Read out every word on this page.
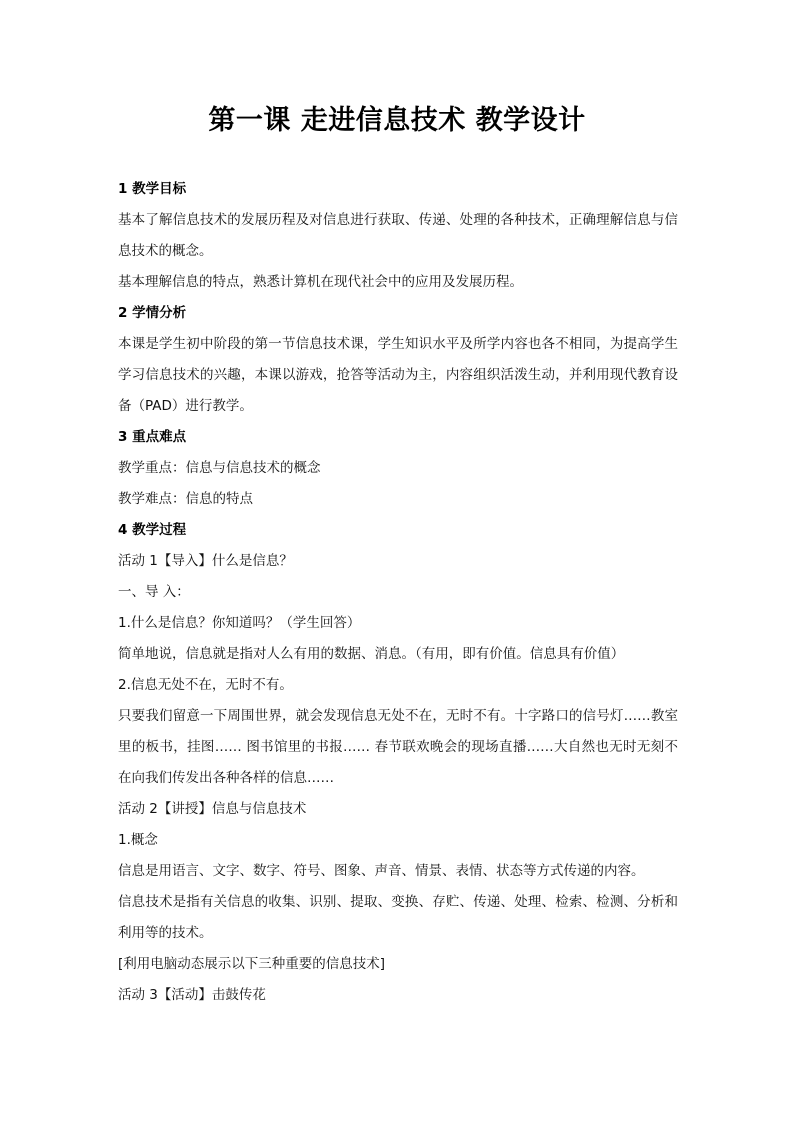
第一课 走进信息技术 教学设计

1 教学目标

基本了解信息技术的发展历程及对信息进行获取、传递、处理的各种技术，正确理解信息与信息技术的概念。

基本理解信息的特点，熟悉计算机在现代社会中的应用及发展历程。

2 学情分析

本课是学生初中阶段的第一节信息技术课，学生知识水平及所学内容也各不相同，为提高学生学习信息技术的兴趣，本课以游戏，抢答等活动为主，内容组织活泼生动，并利用现代教育设备（PAD）进行教学。

3 重点难点

教学重点：信息与信息技术的概念

教学难点：信息的特点

4 教学过程

活动 1【导入】什么是信息？

一、导 入：

1.什么是信息？你知道吗？（学生回答）

简单地说，信息就是指对人么有用的数据、消息。（有用，即有价值。信息具有价值）

2.信息无处不在，无时不有。

只要我们留意一下周围世界，就会发现信息无处不在，无时不有。十字路口的信号灯……教室里的板书，挂图…… 图书馆里的书报…… 春节联欢晚会的现场直播……大自然也无时无刻不在向我们传发出各种各样的信息……

活动 2【讲授】信息与信息技术

1.概念

信息是用语言、文字、数字、符号、图象、声音、情景、表情、状态等方式传递的内容。

信息技术是指有关信息的收集、识别、提取、变换、存贮、传递、处理、检索、检测、分析和利用等的技术。

[利用电脑动态展示以下三种重要的信息技术]

活动 3【活动】击鼓传花
